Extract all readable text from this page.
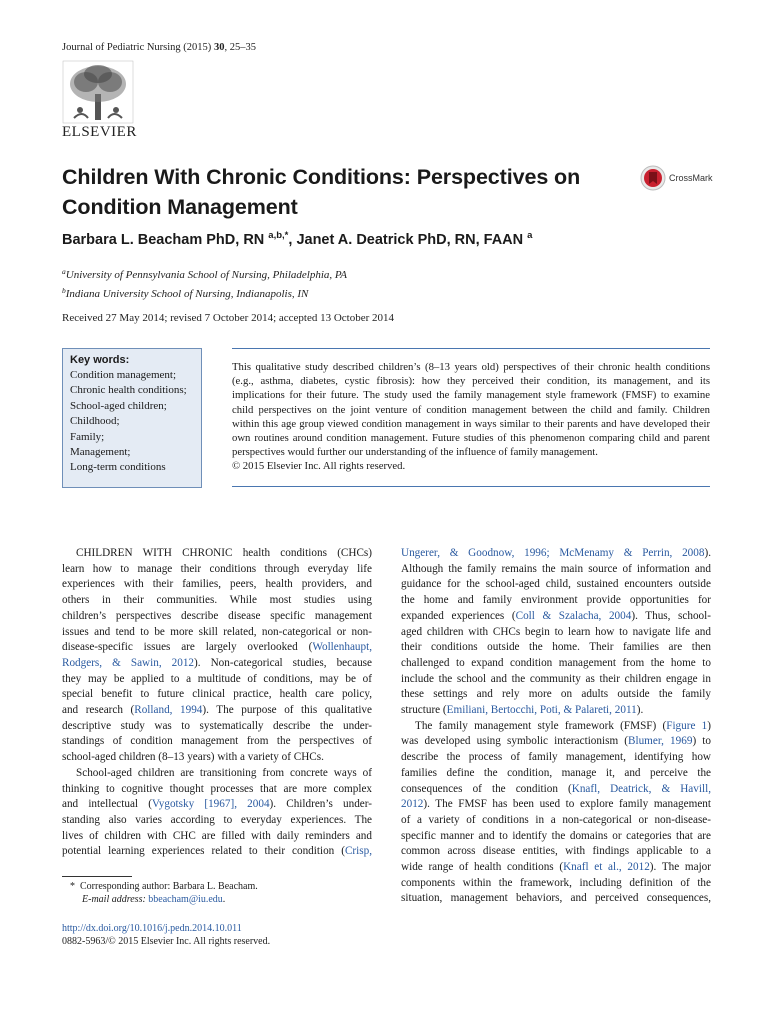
Journal of Pediatric Nursing (2015) 30, 25–35
ELSEVIER
CrossMark
Children With Chronic Conditions: Perspectives on Condition Management
Barbara L. Beacham PhD, RN $^{a,b,*}$, Janet A. Deatrick PhD, RN, FAAN $^a$
$^a$University of Pennsylvania School of Nursing, Philadelphia, PA
$^b$Indiana University School of Nursing, Indianapolis, IN
Received 27 May 2014; revised 7 October 2014; accepted 13 October 2014
Key words:
Condition management;
Chronic health conditions;
School-aged children;
Childhood;
Family;
Management;
Long-term conditions
This qualitative study described children’s (8–13 years old) perspectives of their chronic health conditions
(e.g., asthma, diabetes, cystic fibrosis): how they perceived their condition, its management, and its
implications for their future. The study used the family management style framework (FMSF) to examine
child perspectives on the joint venture of condition management between the child and family. Children
within this age group viewed condition management in ways similar to their parents and have developed their
own routines around condition management. Future studies of this phenomenon comparing child and parent
perspectives would further our understanding of the influence of family management.
© 2015 Elsevier Inc. All rights reserved.
CHILDREN WITH CHRONIC health conditions (CHCs)
learn how to manage their conditions through everyday life
experiences with their families, peers, health providers, and
others in their communities. While most studies using
children’s perspectives describe disease specific management
issues and tend to be more skill related, non-categorical or non-
disease-specific issues are largely overlooked (Wollenhaupt,
Rodgers, & Sawin, 2012). Non-categorical studies, because
they may be applied to a multitude of conditions, may be of
special benefit to future clinical practice, health care policy,
and research (Rolland, 1994). The purpose of this qualitative
descriptive study was to systematically describe the under-
standings of condition management from the perspectives of
school-aged children (8–13 years) with a variety of CHCs.
School-aged children are transitioning from concrete ways of
thinking to cognitive thought processes that are more complex
and intellectual (Vygotsky [1967], 2004). Children’s under-
standing also varies according to everyday experiences. The
lives of children with CHC are filled with daily reminders and
potential learning experiences related to their condition (Crisp,
Ungerer, & Goodnow, 1996; McMenamy & Perrin, 2008).
Although the family remains the main source of information and
guidance for the school-aged child, sustained encounters outside
the home and family environment provide opportunities for
expanded experiences (Coll & Szalacha, 2004). Thus, school-
aged children with CHCs begin to learn how to navigate life and
their conditions outside the home. Their families are then
challenged to expand condition management from the home to
include the school and the community as their children engage in
these settings and rely more on adults outside the family
structure (Emiliani, Bertocchi, Poti, & Palareti, 2011).
The family management style framework (FMSF) (Figure 1)
was developed using symbolic interactionism (Blumer, 1969) to
describe the process of family management, identifying how
families define the condition, manage it, and perceive the
consequences of the condition (Knafl, Deatrick, & Havill,
2012). The FMSF has been used to explore family management
of a variety of conditions in a non-categorical or non-disease-
specific manner and to identify the domains or categories that are
common across disease entities, with findings applicable to a
wide range of health conditions (Knafl et al., 2012). The major
components within the framework, including definition of the
situation, management behaviors, and perceived consequences,
* Corresponding author: Barbara L. Beacham.
E-mail address: bbeacham@iu.edu.
http://dx.doi.org/10.1016/j.pedn.2014.10.011
0882-5963/© 2015 Elsevier Inc. All rights reserved.
